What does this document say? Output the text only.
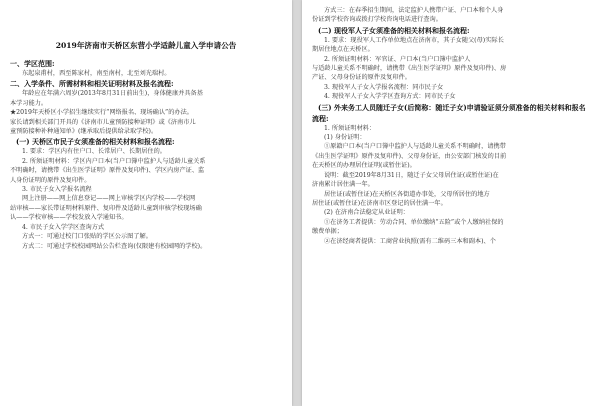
2019年济南市天桥区东营小学适龄儿童入学申请公告
一、学区范围:
东起泉甫村，西至陈家村，南至南村，北至刘光瑞村。
二、入学条件、所需材料和相关证明材料及报名流程:
年龄应在年满六周岁(2013年8月31日前出生)，身体健康并具备基
本学习能力。
★2019年天桥区小学招生继续实行“网络报名、现场确认”的办法。
家长请到相关部门开具的《济南市儿童预防接种证明》或《济南市儿
童预防接种补种通知单》(继承取后提供给录取学校)。
(一) 天桥区市民子女须准备的相关材料和报名流程:
1. 要求：学区内有住户口、长常居户、长期居住的。
2. 所须证明材料：学区内户口本(当户口簿中监护人与适龄儿童关系
不明确时，请携带《出生医学证明》原件及复印件)、学区内房产证、监
人身份证明的原件及复印件。
3. 市民子女入学报名流程
网上注册——网上信息登记——网上审核学区内学校——学校网
站审核——家长带证明材料原件、复印件及适龄儿童到审核学校现场确
认——学校审核——学校发放入学通知书。
4. 市民子女入学学区查询方式
方式一：可通过校门口张贴的学区公示图了解。
方式二：可通过学校校园网站公告栏查询(仅限建有校园网的学校)。
方式三：在春季招生期间，法定监护人携带户证、户口本和个人身
份证到学校咨询或拨打学校咨询电话进行查询。
(二) 现役军人子女须准备的相关材料和报名流程:
1. 要求：现役军人工作单位地点在济南市，其子女随父(母)实际长
期居住地点在天桥区。
2. 所须证明材料：军官证、户口本(当户口簿中监护人
与适龄儿童关系不明确时，请携带《出生医学证明》原件及复印件)、房
产证、父母身份证的原件及复印件。
3. 现役军人子女入学报名流程：同市民子女
4. 现役军人子女入学学区查询方式：同市民子女
(三) 外来务工人员随迁子女(后简称：随迁子女)申请验证须分须准备的相关材料和报名流程:
1. 所须证明材料：
(1) 身份证明：
①原籍户口本(当户口簿中监护人与适龄儿童关系不明确时，请携带
《出生医学证明》原件及复印件)、父母身份证，由公安部门核发的目前
在天桥区的办理居住证明(或暂住证)。
说明：截至2019年8月31日，随迁子女父母居住证(或暂住证)在
济南累计居住满一年。
居住证(或暂住证)在天桥区各街道办事处，父母所居住的地方
居住证(或暂住证)在济南市区登记的居住满一年。
(2) 在济南合法稳定从业证明：
①在济务工者提供：劳动合同、单位缴纳“五险”或个人缴纳社保的
缴费单据；
②在济经商者提供：工商营业执照(需有二维码三本和副本)、个
